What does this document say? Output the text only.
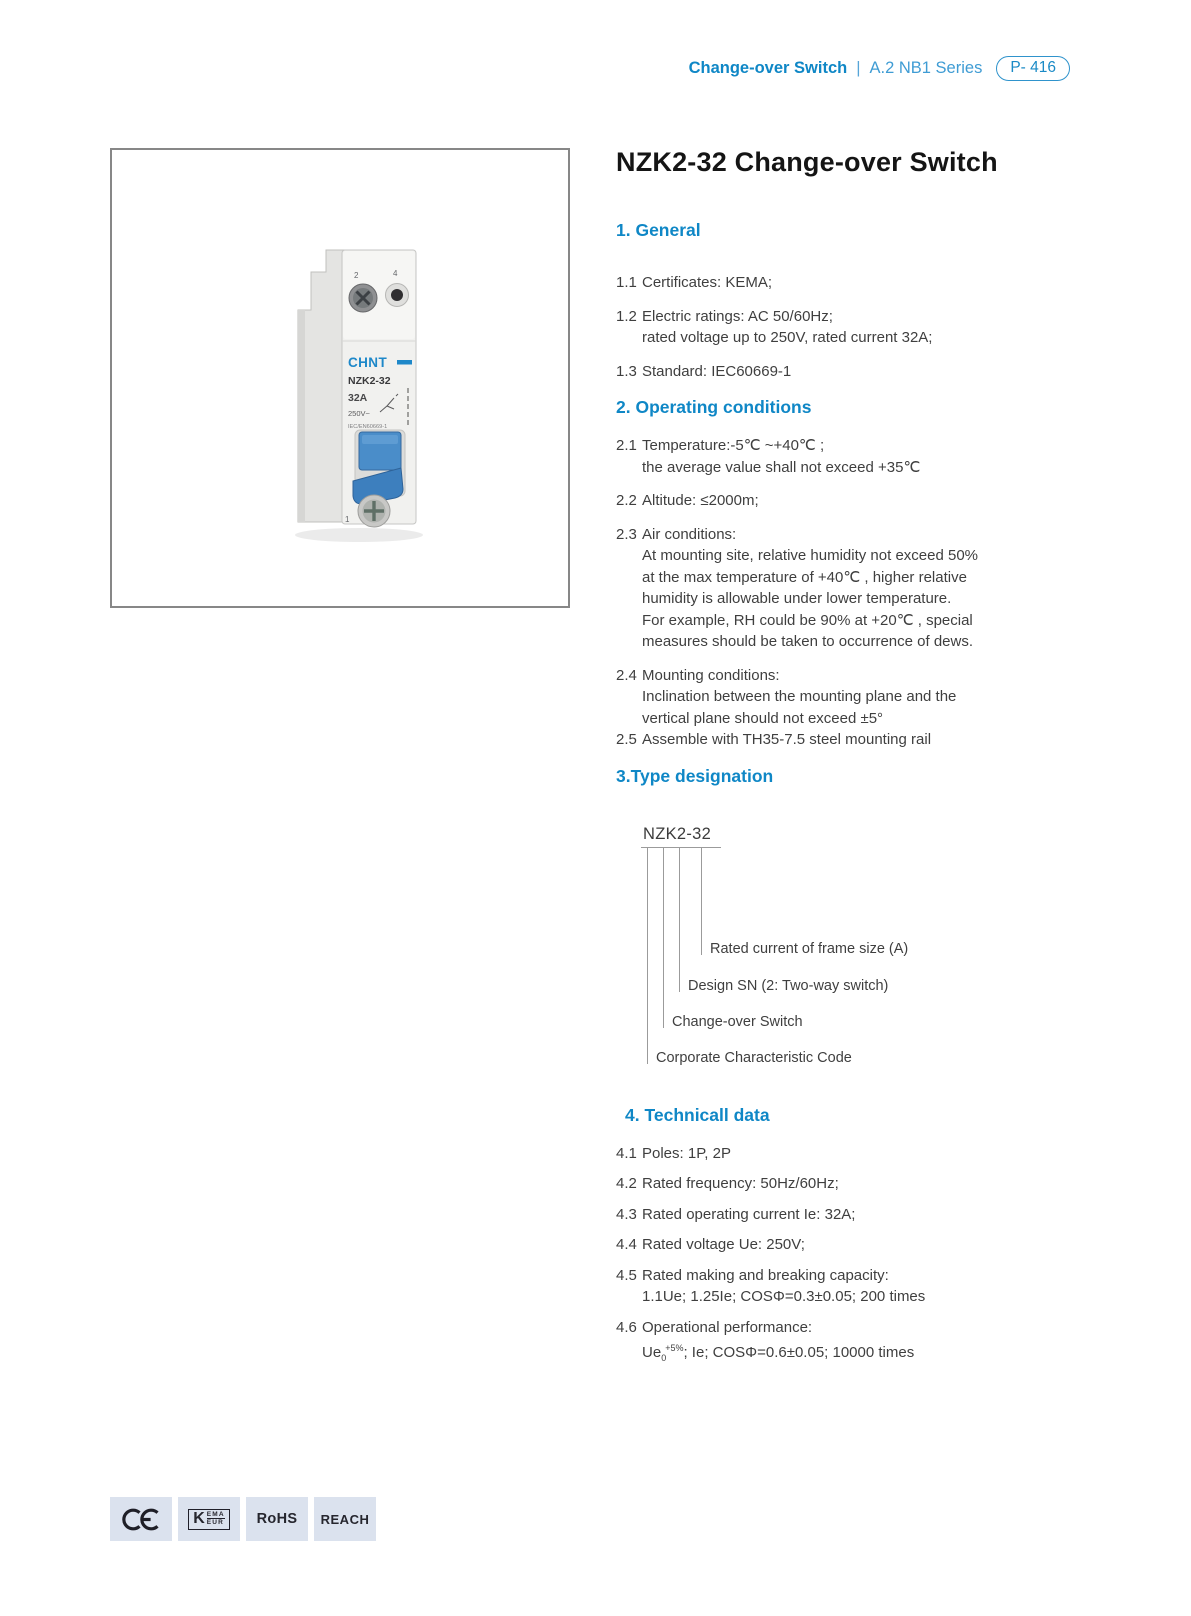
Change-over Switch | A.2 NB1 Series	P- 416
2	4
CHNT
NZK2-32
32A
250V~
IEC/EN60669-1
1
NZK2-32 Change-over Switch
1. General
1.1 Certificates: KEMA;
1.2 Electric ratings: AC 50/60Hz;
rated voltage up to 250V, rated current 32A;
1.3 Standard: IEC60669-1
2. Operating conditions
2.1 Temperature:-5℃ ~+40℃ ;
the average value shall not exceed +35℃
2.2 Altitude: ≤2000m;
2.3 Air conditions:
At mounting site, relative humidity not exceed 50%
at the max temperature of +40℃ , higher relative
humidity is allowable under lower temperature.
For example, RH could be 90% at +20℃ , special
measures should be taken to occurrence of dews.
2.4 Mounting conditions:
Inclination between the mounting plane and the
vertical plane should not exceed ±5°
2.5 Assemble with TH35-7.5 steel mounting rail
3.Type designation
NZK2-32
Rated current of frame size (A)
Design SN (2: Two-way switch)
Change-over Switch
Corporate Characteristic Code
4. Technicall data
4.1 Poles: 1P, 2P
4.2 Rated frequency: 50Hz/60Hz;
4.3 Rated operating current Ie: 32A;
4.4 Rated voltage Ue: 250V;
4.5 Rated making and breaking capacity:
1.1Ue; 1.25Ie; COSΦ=0.3±0.05; 200 times
4.6 Operational performance:
$Ue_0^{+5\%}$; Ie; COSΦ=0.6±0.05; 10000 times
K EMA
EUR RoHS REACH
